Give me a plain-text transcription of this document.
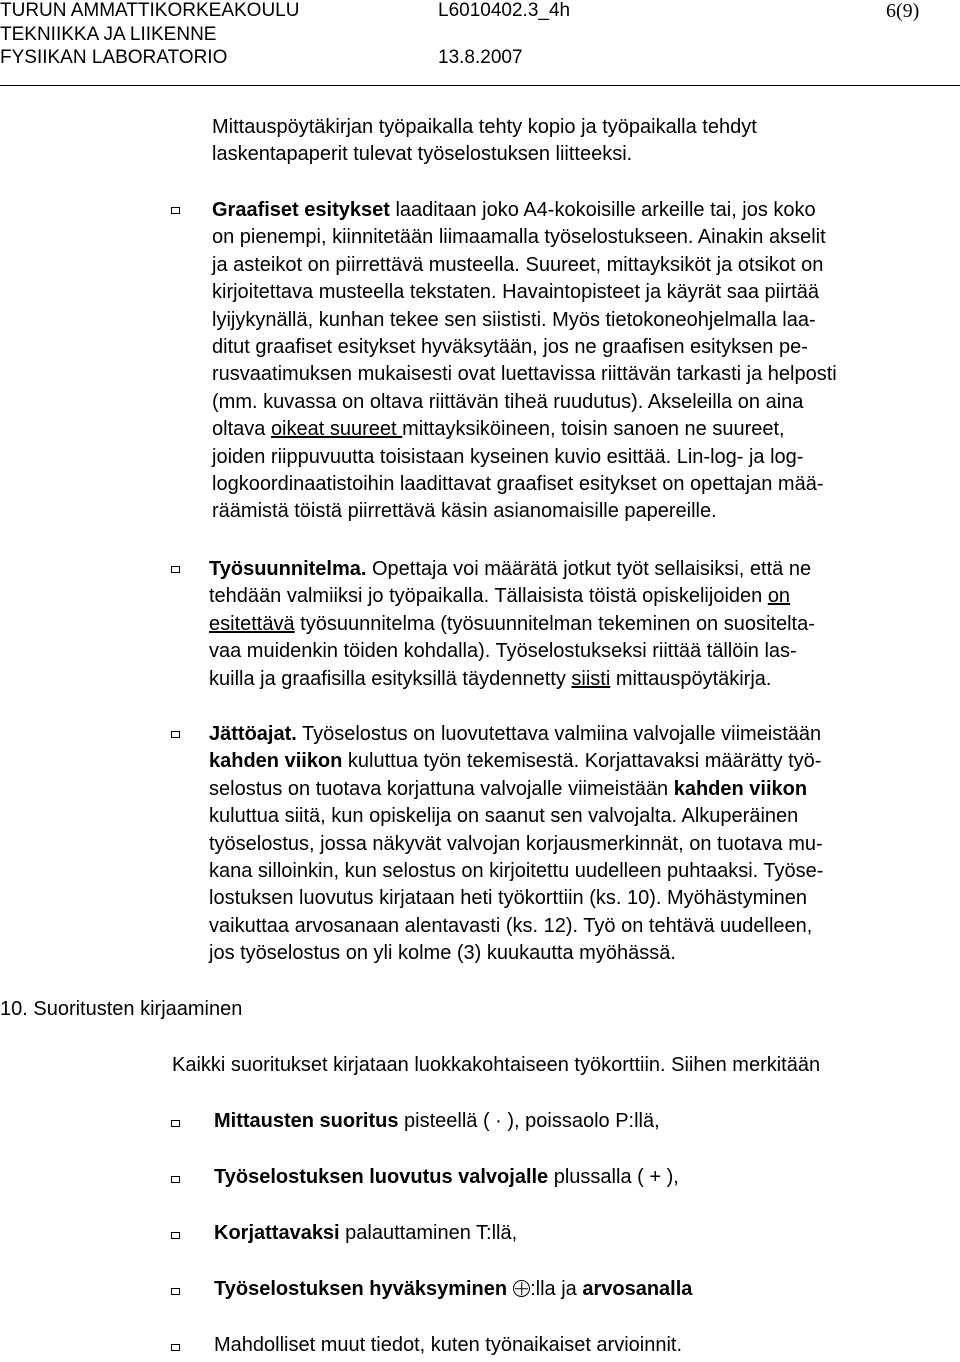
TURUN AMMATTIKORKEAKOULU	L6010402.3_4h	6(9)
TEKNIIKKA JA LIIKENNE
FYSIIKAN LABORATORIO	13.8.2007
Mittauspöytäkirjan työpaikalla tehty kopio ja työpaikalla tehdyt
laskentapaperit tulevat työselostuksen liitteeksi.
Graafiset esitykset laaditaan joko A4-kokoisille arkeille tai, jos koko
on pienempi, kiinnitetään liimaamalla työselostukseen. Ainakin akselit
ja asteikot on piirrettävä musteella. Suureet, mittayksiköt ja otsikot on
kirjoitettava musteella tekstaten. Havaintopisteet ja käyrät saa piirtää
lyijykynällä, kunhan tekee sen siististi. Myös tietokoneohjelmalla laa-
ditut graafiset esitykset hyväksytään, jos ne graafisen esityksen pe-
rusvaatimuksen mukaisesti ovat luettavissa riittävän tarkasti ja helposti
(mm. kuvassa on oltava riittävän tiheä ruudutus). Akseleilla on aina
oltava oikeat suureet mittayksiköineen, toisin sanoen ne suureet,
joiden riippuvuutta toisistaan kyseinen kuvio esittää. Lin-log- ja log-
logkoordinaatistoihin laadittavat graafiset esitykset on opettajan mää-
räämistä töistä piirrettävä käsin asianomaisille papereille.
Työsuunnitelma. Opettaja voi määrätä jotkut työt sellaisiksi, että ne
tehdään valmiiksi jo työpaikalla. Tällaisista töistä opiskelijoiden on
esitettävä työsuunnitelma (työsuunnitelman tekeminen on suositelta-
vaa muidenkin töiden kohdalla). Työselostukseksi riittää tällöin las-
kuilla ja graafisilla esityksillä täydennetty siisti mittauspöytäkirja.
Jättöajat. Työselostus on luovutettava valmiina valvojalle viimeistään
kahden viikon kuluttua työn tekemisestä. Korjattavaksi määrätty työ-
selostus on tuotava korjattuna valvojalle viimeistään kahden viikon
kuluttua siitä, kun opiskelija on saanut sen valvojalta. Alkuperäinen
työselostus, jossa näkyvät valvojan korjausmerkinnät, on tuotava mu-
kana silloinkin, kun selostus on kirjoitettu uudelleen puhtaaksi. Työse-
lostuksen luovutus kirjataan heti työkorttiin (ks. 10). Myöhästyminen
vaikuttaa arvosanaan alentavasti (ks. 12). Työ on tehtävä uudelleen,
jos työselostus on yli kolme (3) kuukautta myöhässä.
10. Suoritusten kirjaaminen
Kaikki suoritukset kirjataan luokkakohtaiseen työkorttiin. Siihen merkitään
Mittausten suoritus pisteellä ( · ), poissaolo P:llä,
Työselostuksen luovutus valvojalle plussalla ( + ),
Korjattavaksi palauttaminen T:llä,
Työselostuksen hyväksyminen :lla ja arvosanalla
Mahdolliset muut tiedot, kuten työnaikaiset arvioinnit.
